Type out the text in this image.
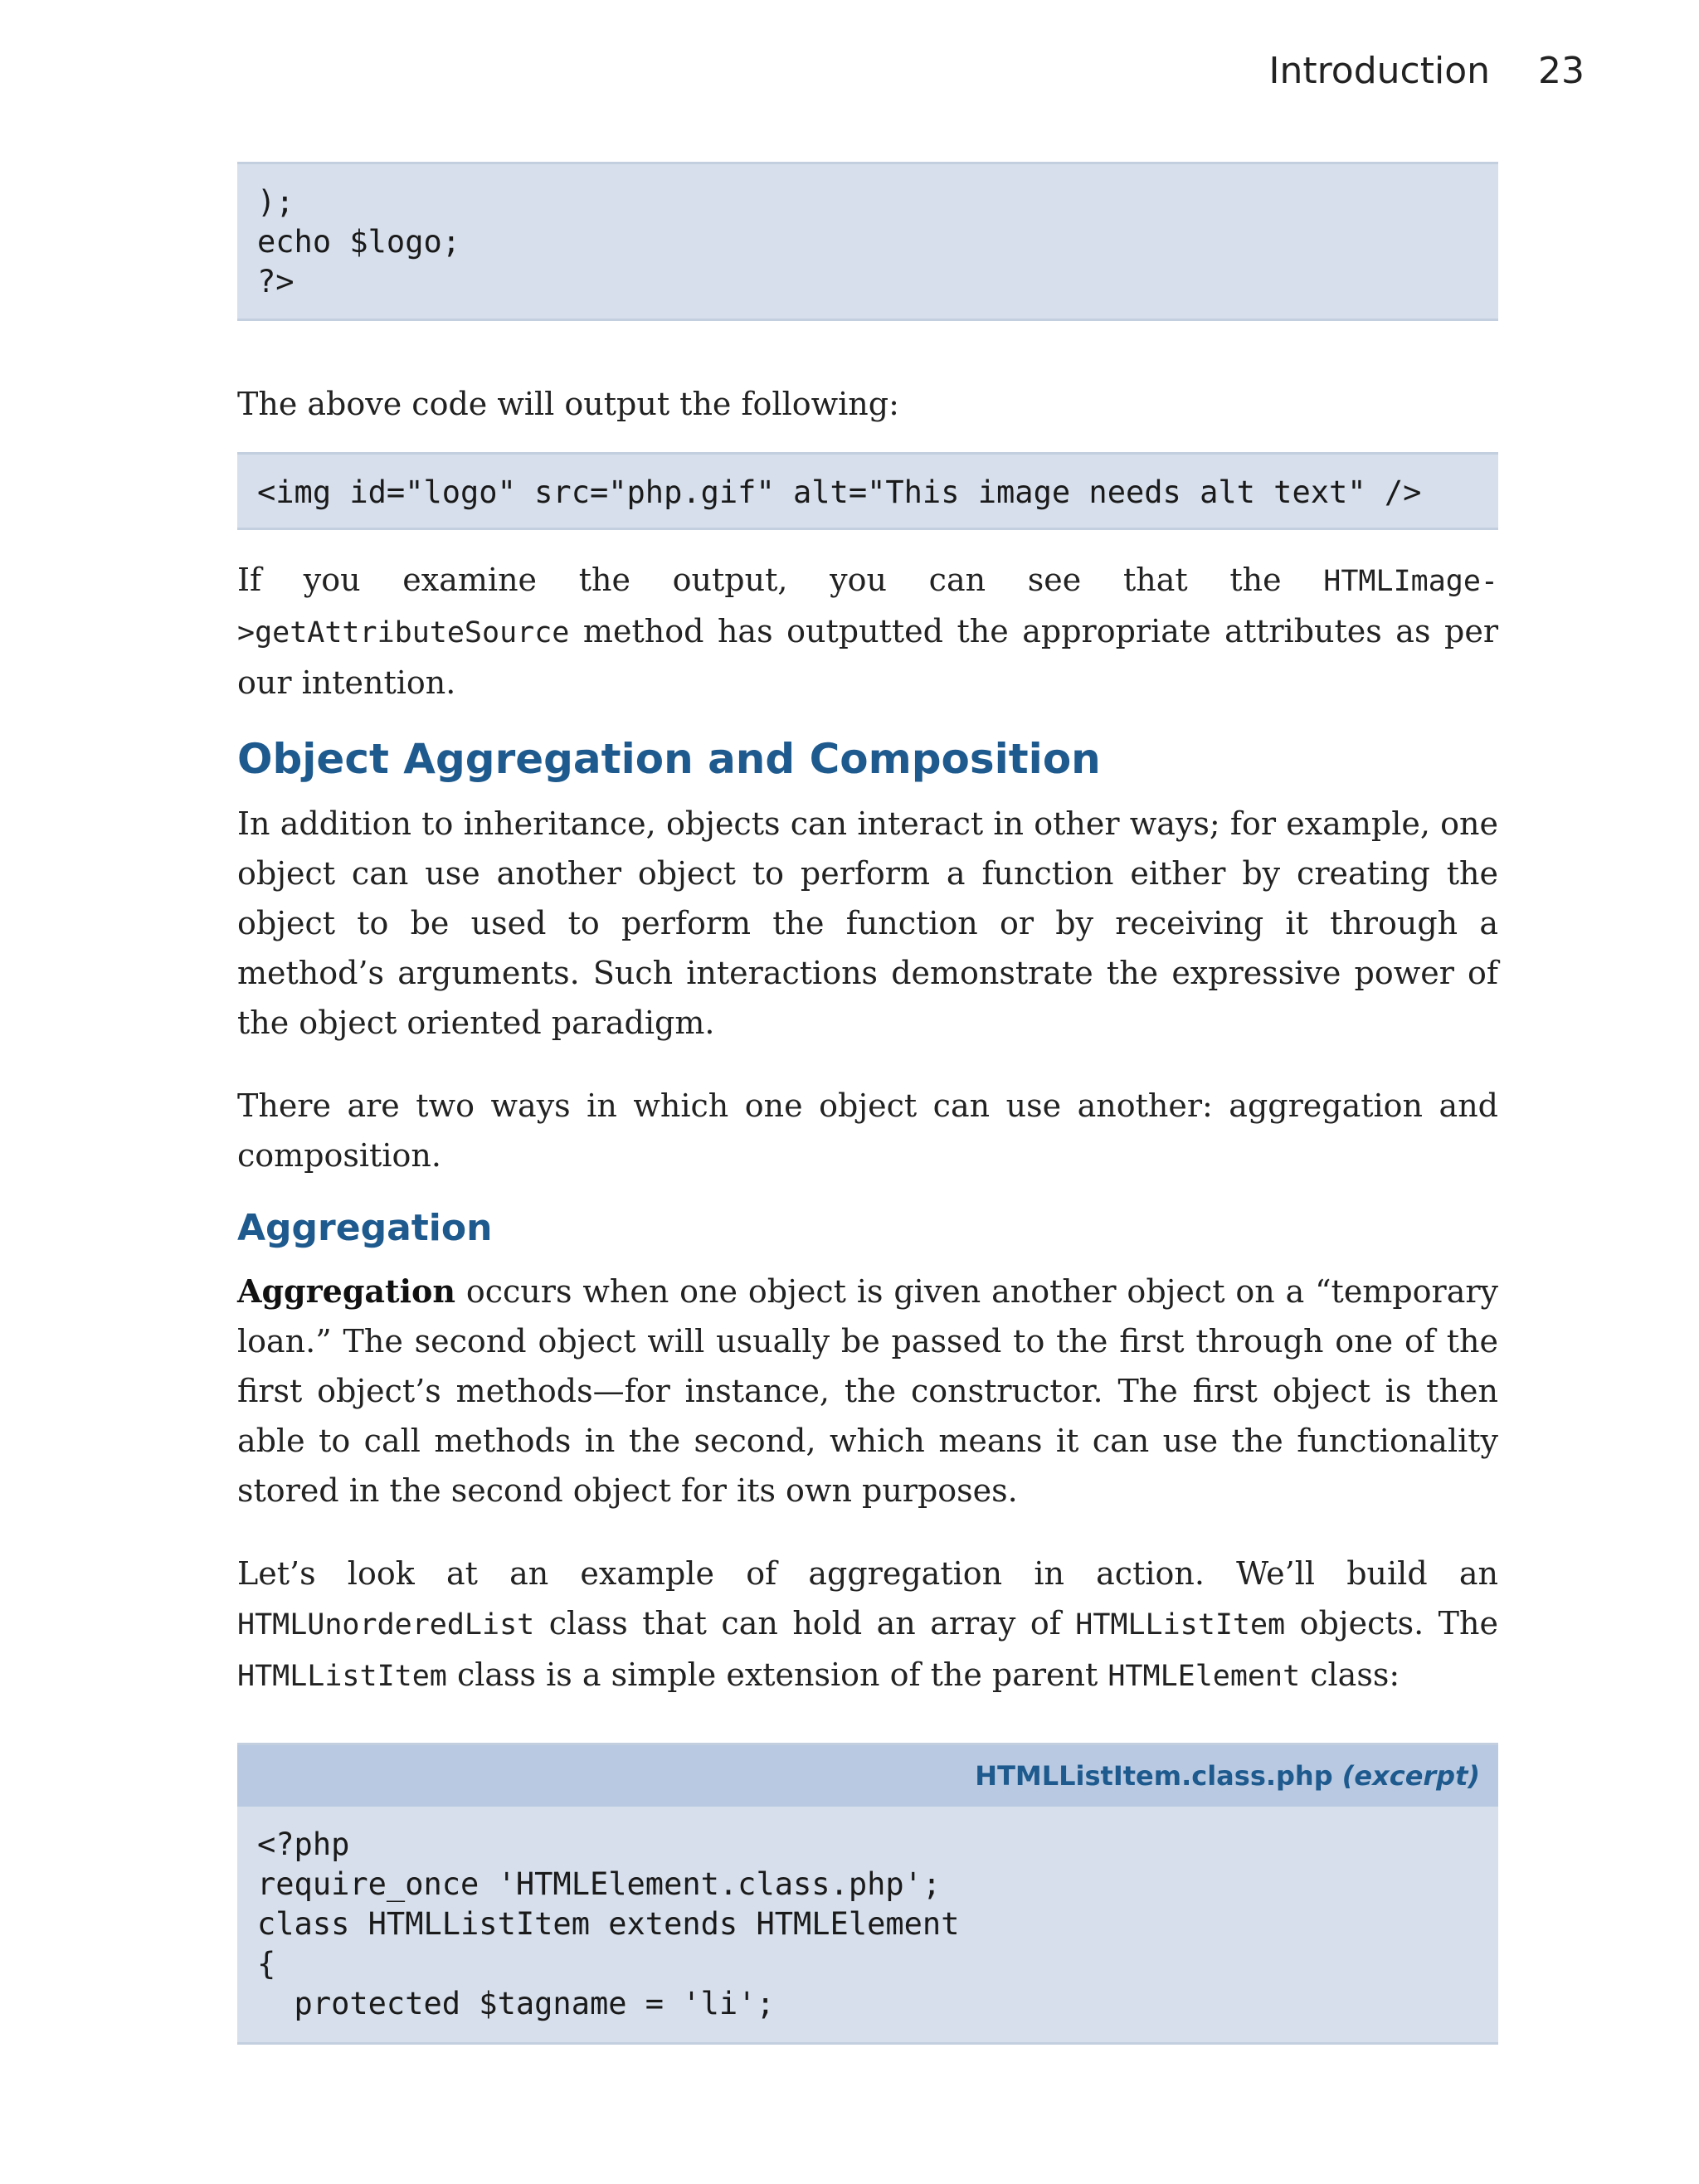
Introduction 23
);
echo $logo;
?>

The above code will output the following:

<img id="logo" src="php.gif" alt="This image needs alt text" />

If you examine the output, you can see that the HTMLImage->getAttributeSource method has outputted the appropriate attributes as per our intention.

Object Aggregation and Composition

In addition to inheritance, objects can interact in other ways; for example, one object can use another object to perform a function either by creating the object to be used to perform the function or by receiving it through a method’s arguments. Such interactions demonstrate the expressive power of the object oriented paradigm.

There are two ways in which one object can use another: aggregation and composition.

Aggregation

Aggregation occurs when one object is given another object on a “temporary loan.” The second object will usually be passed to the first through one of the first object’s methods—for instance, the constructor. The first object is then able to call methods in the second, which means it can use the functionality stored in the second object for its own purposes.

Let’s look at an example of aggregation in action. We’ll build an HTMLUnorderedList class that can hold an array of HTMLListItem objects. The HTMLListItem class is a simple extension of the parent HTMLElement class:

HTMLListItem.class.php (excerpt)
<?php
require_once 'HTMLElement.class.php';
class HTMLListItem extends HTMLElement
{
protected $tagname = 'li';
